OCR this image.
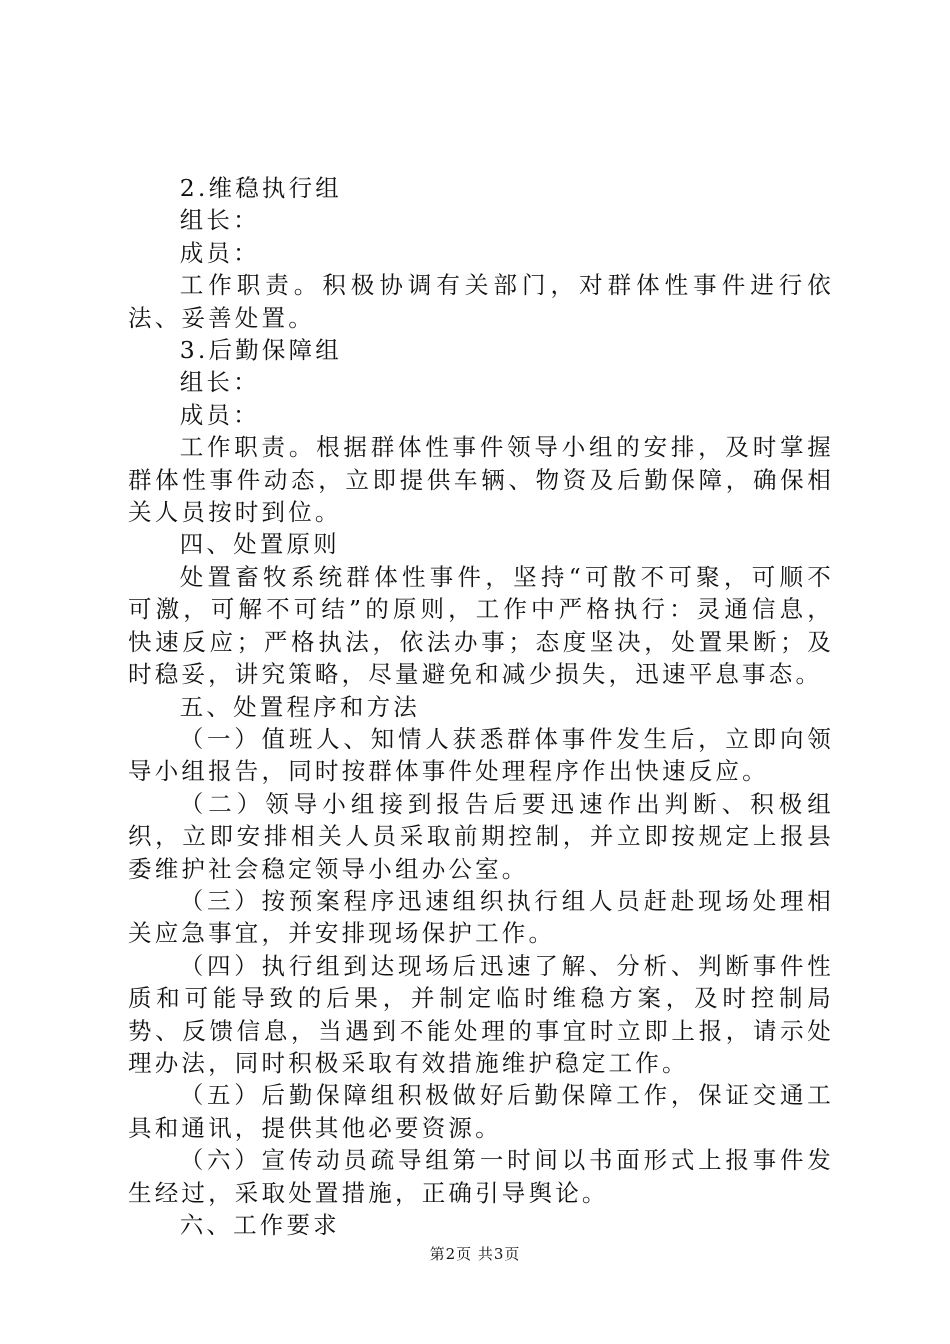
2.维稳执行组

组长：

成员：

工作职责。积极协调有关部门，对群体性事件进行依法、妥善处置。

3.后勤保障组

组长：

成员：

工作职责。根据群体性事件领导小组的安排，及时掌握群体性事件动态，立即提供车辆、物资及后勤保障，确保相关人员按时到位。

四、处置原则

处置畜牧系统群体性事件，坚持“可散不可聚，可顺不可激，可解不可结”的原则，工作中严格执行：灵通信息，快速反应；严格执法，依法办事；态度坚决，处置果断；及时稳妥，讲究策略，尽量避免和减少损失，迅速平息事态。

五、处置程序和方法

（一）值班人、知情人获悉群体事件发生后，立即向领导小组报告，同时按群体事件处理程序作出快速反应。

（二）领导小组接到报告后要迅速作出判断、积极组织，立即安排相关人员采取前期控制，并立即按规定上报县委维护社会稳定领导小组办公室。

（三）按预案程序迅速组织执行组人员赶赴现场处理相关应急事宜，并安排现场保护工作。

（四）执行组到达现场后迅速了解、分析、判断事件性质和可能导致的后果，并制定临时维稳方案，及时控制局势、反馈信息，当遇到不能处理的事宜时立即上报，请示处理办法，同时积极采取有效措施维护稳定工作。

（五）后勤保障组积极做好后勤保障工作，保证交通工具和通讯，提供其他必要资源。

（六）宣传动员疏导组第一时间以书面形式上报事件发生经过，采取处置措施，正确引导舆论。

六、工作要求

第2页 共3页
